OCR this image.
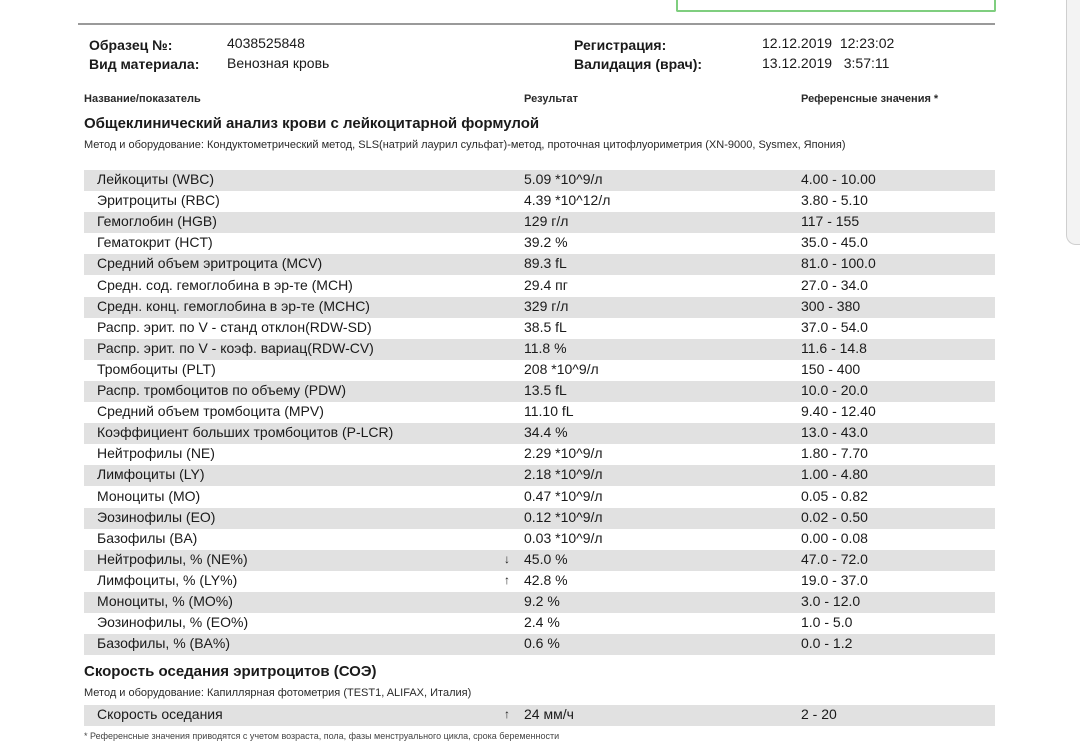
Образец №:	4038525848
Вид материала: Венозная кровь
Регистрация:	12.12.2019  12:23:02
Валидация (врач):	13.12.2019   3:57:11
Название/показатель	Результат	Референсные значения *
Общеклинический анализ крови с лейкоцитарной формулой
Метод и оборудование: Кондуктометрический метод, SLS(натрий лаурил сульфат)-метод, проточная цитофлуориметрия (XN-9000, Sysmex, Япония)
Лейкоциты (WBC)	5.09 *10^9/л	4.00 - 10.00
Эритроциты (RBC)	4.39 *10^12/л	3.80 - 5.10
Гемоглобин (HGB)	129 г/л	117 - 155
Гематокрит (HCT)	39.2 %	35.0 - 45.0
Средний объем эритроцита (MCV)	89.3 fL	81.0 - 100.0
Средн. сод. гемоглобина в эр-те (MCH)	29.4 пг	27.0 - 34.0
Средн. конц. гемоглобина в эр-те (MCHC)	329 г/л	300 - 380
Распр. эрит. по V - станд отклон(RDW-SD)	38.5 fL	37.0 - 54.0
Распр. эрит. по V - коэф. вариац(RDW-CV)	11.8 %	11.6 - 14.8
Тромбоциты (PLT)	208 *10^9/л	150 - 400
Распр. тромбоцитов по объему (PDW)	13.5 fL	10.0 - 20.0
Средний объем тромбоцита (MPV)	11.10 fL	9.40 - 12.40
Коэффициент больших тромбоцитов (P-LCR)	34.4 %	13.0 - 43.0
Нейтрофилы (NE)	2.29 *10^9/л	1.80 - 7.70
Лимфоциты (LY)	2.18 *10^9/л	1.00 - 4.80
Моноциты (MO)	0.47 *10^9/л	0.05 - 0.82
Эозинофилы (EO)	0.12 *10^9/л	0.02 - 0.50
Базофилы (BA)	0.03 *10^9/л	0.00 - 0.08
Нейтрофилы, % (NE%)	↓ 45.0 %	47.0 - 72.0
Лимфоциты, % (LY%)	↑ 42.8 %	19.0 - 37.0
Моноциты, % (MO%)	9.2 %	3.0 - 12.0
Эозинофилы, % (EO%)	2.4 %	1.0 - 5.0
Базофилы, % (BA%)	0.6 %	0.0 - 1.2
Скорость оседания эритроцитов (СОЭ)
Метод и оборудование: Капиллярная фотометрия (TEST1, ALIFAX, Италия)
Скорость оседания	↑ 24 мм/ч	2 - 20
* Референсные значения приводятся с учетом возраста, пола, фазы менструального цикла, срока беременности
